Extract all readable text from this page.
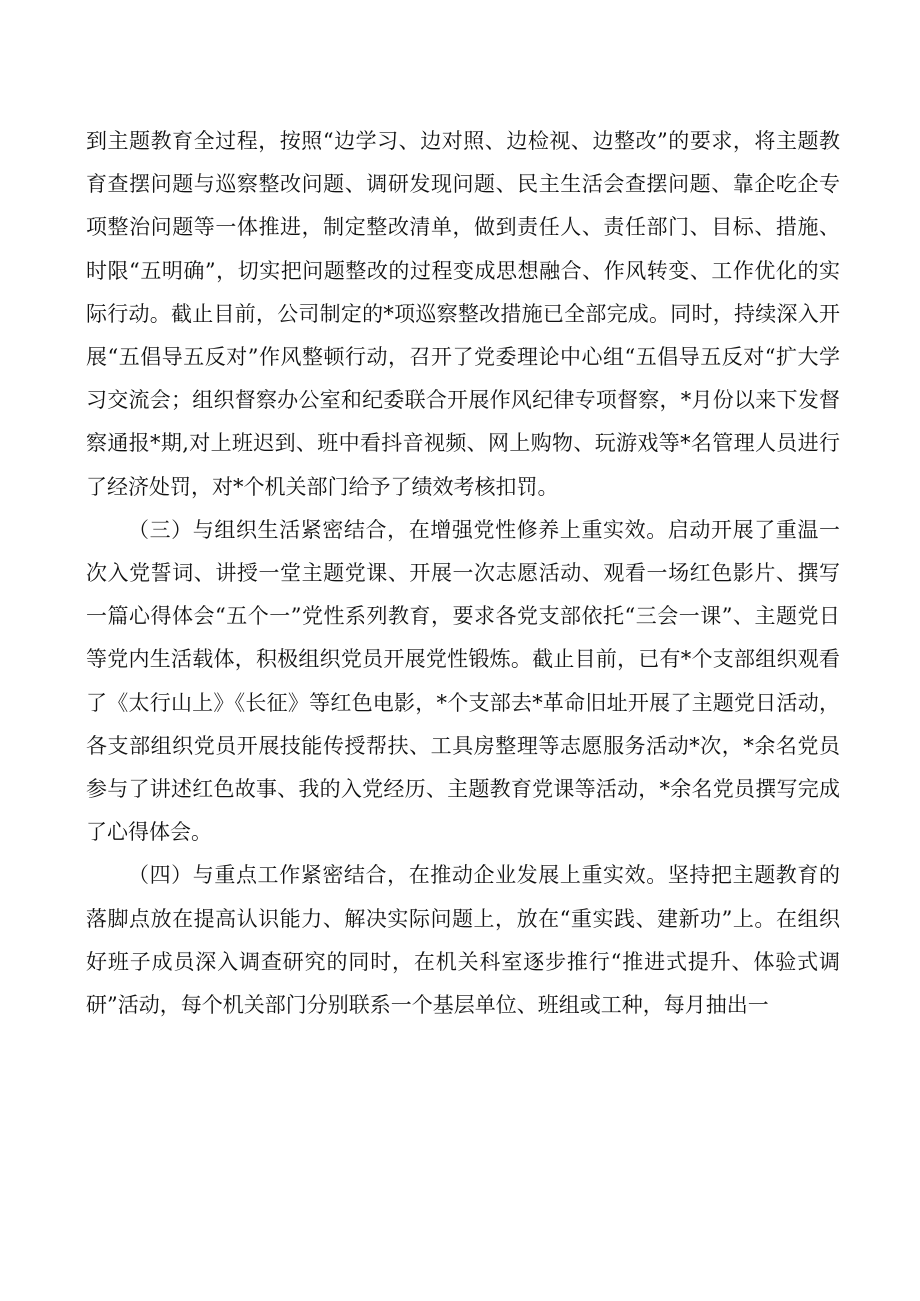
到主题教育全过程，按照“边学习、边对照、边检视、边整改”的要求，将主题教育查摆问题与巡察整改问题、调研发现问题、民主生活会查摆问题、靠企吃企专项整治问题等一体推进，制定整改清单，做到责任人、责任部门、目标、措施、时限“五明确”，切实把问题整改的过程变成思想融合、作风转变、工作优化的实际行动。截止目前，公司制定的*项巡察整改措施已全部完成。同时，持续深入开展“五倡导五反对”作风整顿行动，召开了党委理论中心组“五倡导五反对“扩大学习交流会；组织督察办公室和纪委联合开展作风纪律专项督察，*月份以来下发督察通报*期,对上班迟到、班中看抖音视频、网上购物、玩游戏等*名管理人员进行了经济处罚，对*个机关部门给予了绩效考核扣罚。

（三）与组织生活紧密结合，在增强党性修养上重实效。启动开展了重温一次入党誓词、讲授一堂主题党课、开展一次志愿活动、观看一场红色影片、撰写一篇心得体会“五个一”党性系列教育，要求各党支部依托“三会一课”、主题党日等党内生活载体，积极组织党员开展党性锻炼。截止目前，已有*个支部组织观看了《太行山上》《长征》等红色电影，*个支部去*革命旧址开展了主题党日活动，各支部组织党员开展技能传授帮扶、工具房整理等志愿服务活动*次，*余名党员参与了讲述红色故事、我的入党经历、主题教育党课等活动，*余名党员撰写完成了心得体会。

（四）与重点工作紧密结合，在推动企业发展上重实效。坚持把主题教育的落脚点放在提高认识能力、解决实际问题上，放在“重实践、建新功”上。在组织好班子成员深入调查研究的同时，在机关科室逐步推行“推进式提升、体验式调研”活动，每个机关部门分别联系一个基层单位、班组或工种，每月抽出一
